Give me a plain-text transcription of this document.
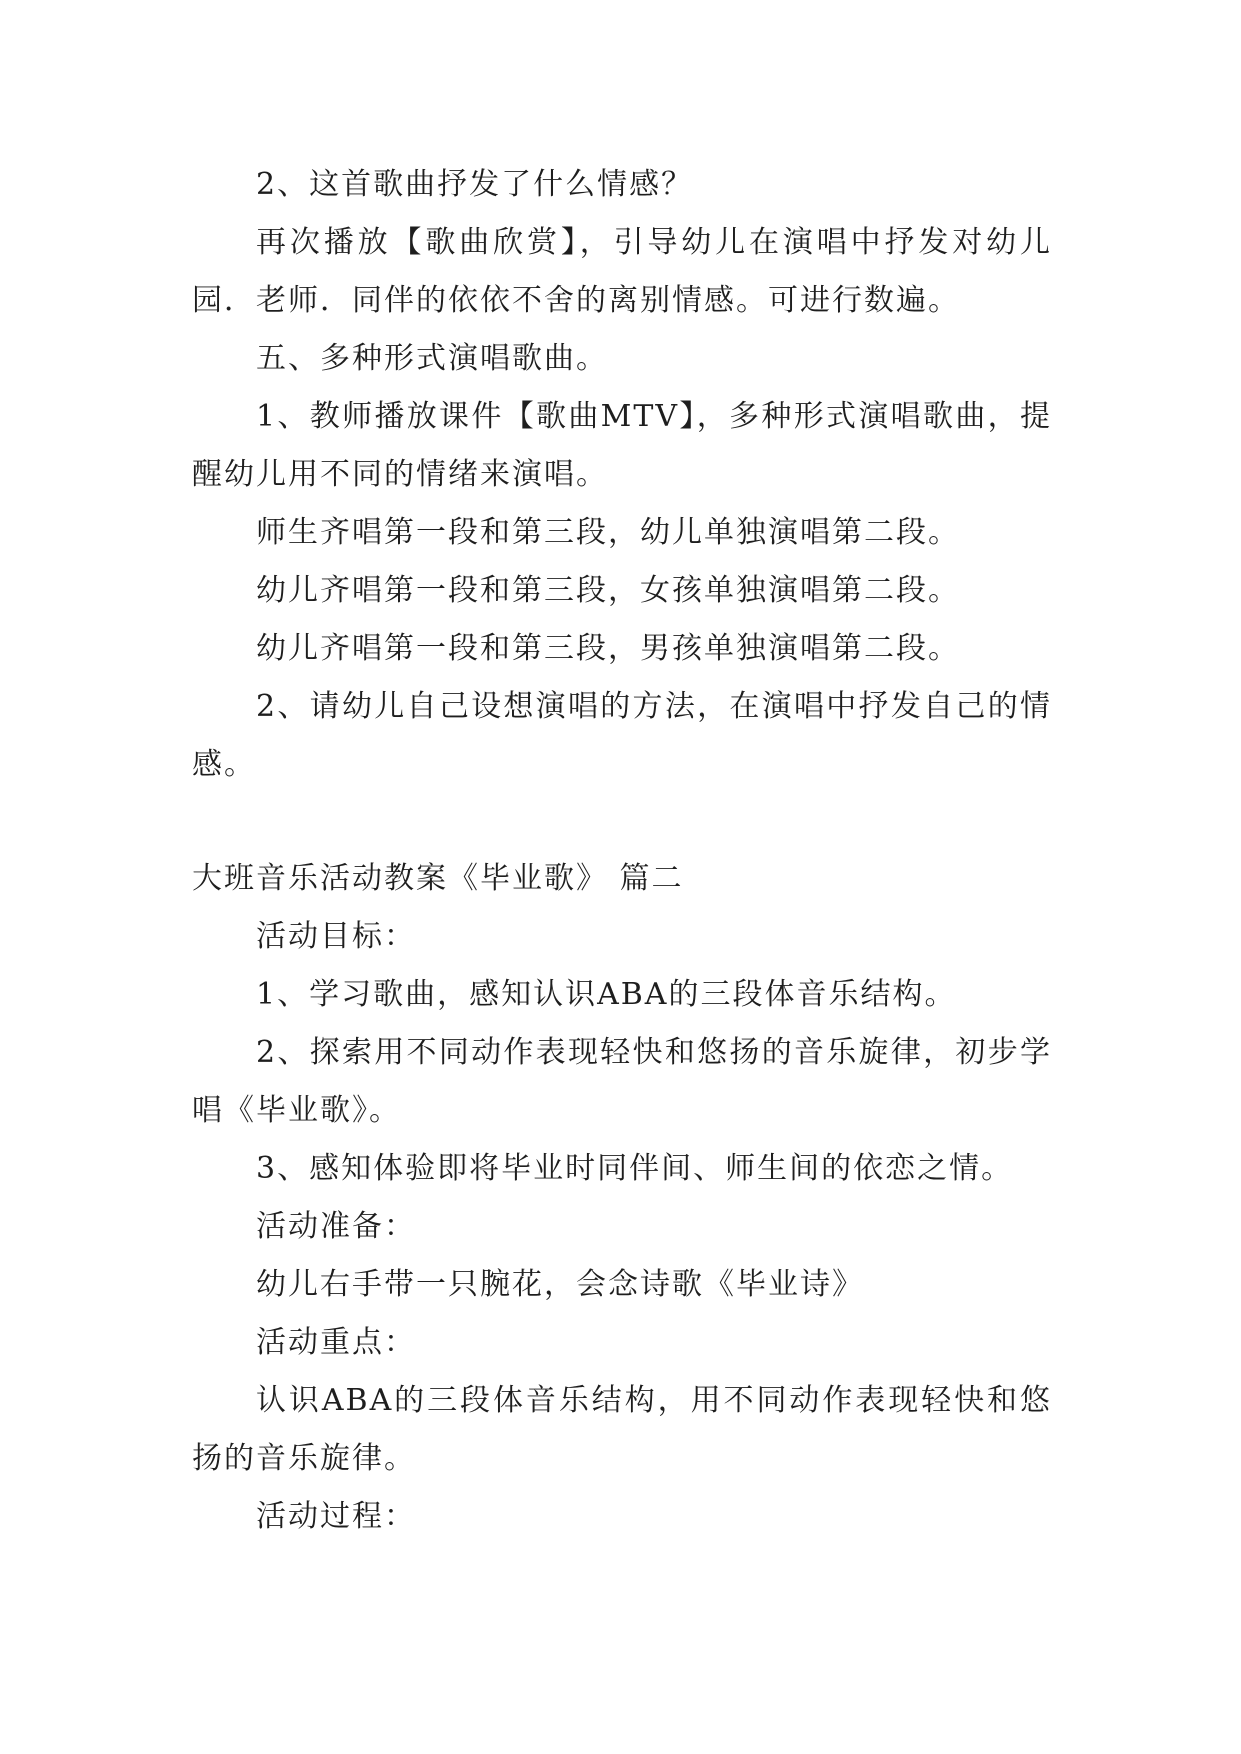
2、这首歌曲抒发了什么情感？

再次播放【歌曲欣赏】，引导幼儿在演唱中抒发对幼儿园．老师．同伴的依依不舍的离别情感。可进行数遍。

五、多种形式演唱歌曲。

1、教师播放课件【歌曲MTV】，多种形式演唱歌曲，提醒幼儿用不同的情绪来演唱。

师生齐唱第一段和第三段，幼儿单独演唱第二段。

幼儿齐唱第一段和第三段，女孩单独演唱第二段。

幼儿齐唱第一段和第三段，男孩单独演唱第二段。

2、请幼儿自己设想演唱的方法，在演唱中抒发自己的情感。

大班音乐活动教案《毕业歌》 篇二

活动目标：

1、学习歌曲，感知认识ABA的三段体音乐结构。

2、探索用不同动作表现轻快和悠扬的音乐旋律，初步学唱《毕业歌》。

3、感知体验即将毕业时同伴间、师生间的依恋之情。

活动准备：

幼儿右手带一只腕花，会念诗歌《毕业诗》

活动重点：

认识ABA的三段体音乐结构，用不同动作表现轻快和悠扬的音乐旋律。

活动过程：
